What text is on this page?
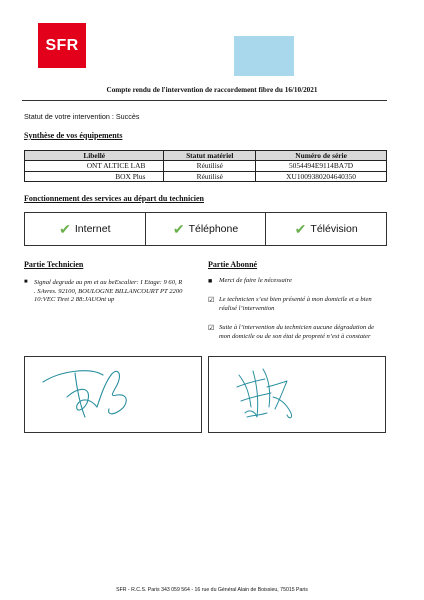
SFR
Compte rendu de l'intervention de raccordement fibre du 16/10/2021
Statut de votre intervention : Succès
Synthèse de vos équipements
Libellé	Statut matériel	Numéro de série
ONT ALTICE LAB	Réutilisé	5054494E9114BA7D
BOX Plus	Réutilisé	XU1009380204640350
Fonctionnement des services au départ du technicien
✔ Internet	✔ Téléphone	✔ Télévision
Partie Technicien	Partie Abonné
■ Signal degrade au pm et au beEscalier: I Etage: 9 60, R . SAvres. 92100, BOULOGNE BILLANCOURT PT 2200 10:VEC Tiret 2 88:JAUOnt up
■	Merci de faire le nécessaire
☑ Le technicien s’est bien présenté à mon domicile et a bien réalisé l’intervention
☑ Suite à l’intervention du technicien aucune dégradation de mon domicile ou de son état de propreté n’est à constater
SFR - R.C.S. Paris 343 059 564 - 16 rue du Général Alain de Boissieu, 75015 Paris
